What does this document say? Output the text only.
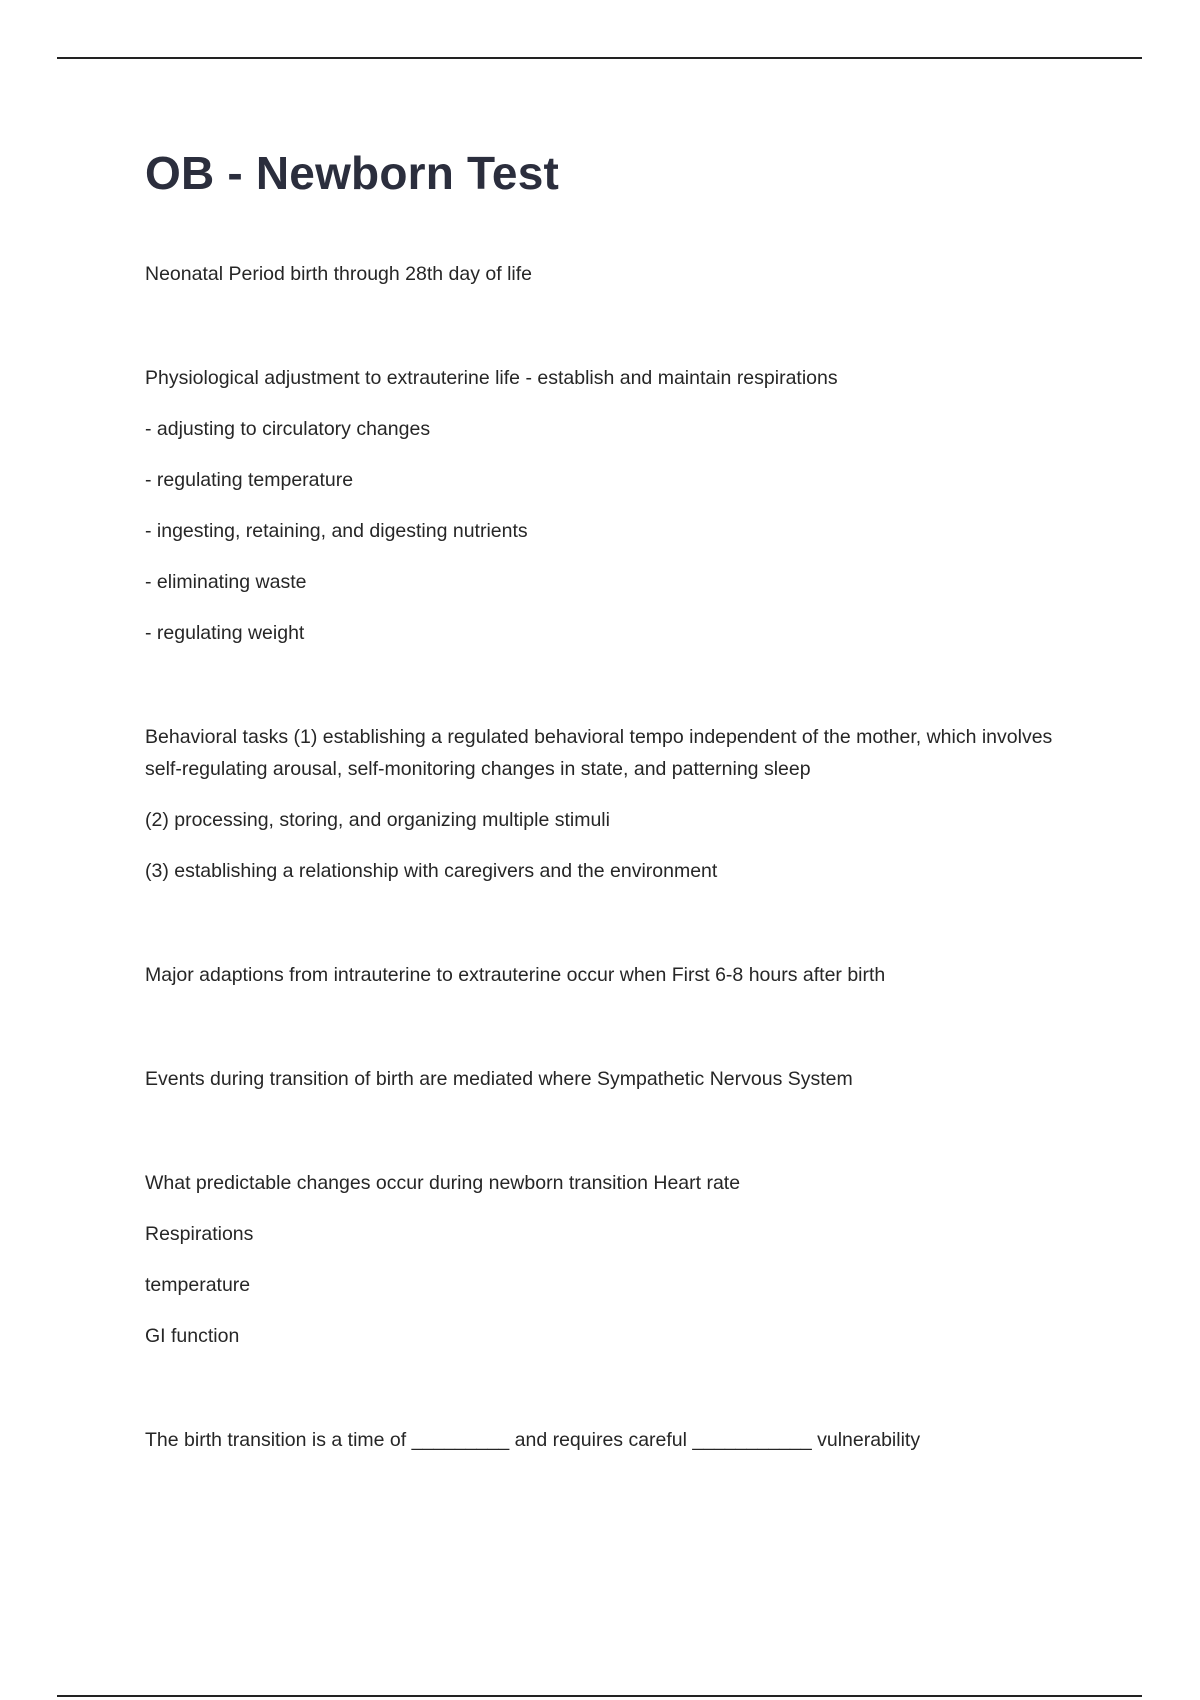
OB - Newborn Test

Neonatal Period birth through 28th day of life

Physiological adjustment to extrauterine life - establish and maintain respirations

- adjusting to circulatory changes

- regulating temperature

- ingesting, retaining, and digesting nutrients

- eliminating waste

- regulating weight

Behavioral tasks (1) establishing a regulated behavioral tempo independent of the mother, which involves self-regulating arousal, self-monitoring changes in state, and patterning sleep

(2) processing, storing, and organizing multiple stimuli

(3) establishing a relationship with caregivers and the environment

Major adaptions from intrauterine to extrauterine occur when First 6-8 hours after birth

Events during transition of birth are mediated where Sympathetic Nervous System

What predictable changes occur during newborn transition Heart rate

Respirations

temperature

GI function

The birth transition is a time of _________ and requires careful ___________ vulnerability
